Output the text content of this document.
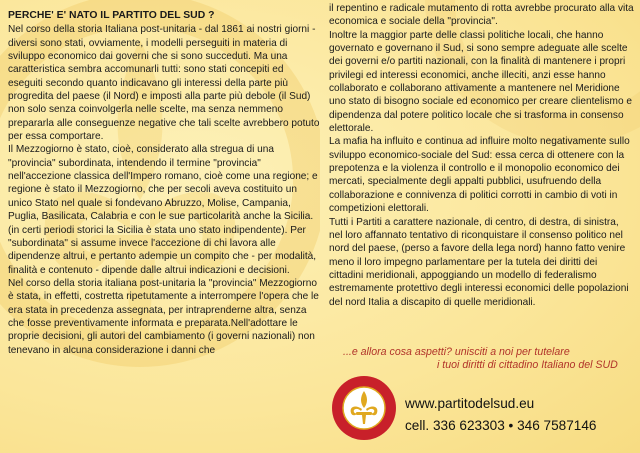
PERCHE' E' NATO IL PARTITO DEL SUD ?

Nel corso della storia Italiana post-unitaria - dal 1861 ai nostri giorni - diversi sono stati, ovviamente, i modelli perseguiti in materia di sviluppo economico dai governi che si sono succeduti. Ma una caratteristica sembra accomunarli tutti: sono stati concepiti ed eseguiti secondo quanto indicavano gli interessi della parte più progredita del paese (il Nord) e imposti alla parte più debole (il Sud) non solo senza coinvolgerla nelle scelte, ma senza nemmeno prepararla alle conseguenze negative che tali scelte avrebbero potuto per essa comportare.

Il Mezzogiorno è stato, cioè, considerato alla stregua di una "provincia" subordinata, intendendo il termine "provincia" nell'accezione classica dell'Impero romano, cioè come una regione; e regione è stato il Mezzogiorno, che per secoli aveva costituito un unico Stato nel quale si fondevano Abruzzo, Molise, Campania, Puglia, Basilicata, Calabria e con le sue particolarità anche la Sicilia. (in certi periodi storici la Sicilia è stata uno stato indipendente). Per "subordinata" si assume invece l'accezione di chi lavora alle dipendenze altrui, e pertanto adempie un compito che - per modalità, finalità e contenuto - dipende dalle altrui indicazioni e decisioni.

Nel corso della storia italiana post-unitaria la "provincia" Mezzogiorno è stata, in effetti, costretta ripetutamente a interrompere l'opera che le era stata in precedenza assegnata, per intraprenderne altra, senza che fosse preventivamente informata e preparata.Nell'adottare le proprie decisioni, gli autori del cambiamento (i governi nazionali) non tenevano in alcuna considerazione i danni che

il repentino e radicale mutamento di rotta avrebbe procurato alla vita economica e sociale della "provincia".

Inoltre la maggior parte delle classi politiche locali, che hanno governato e governano il Sud, si sono sempre adeguate alle scelte dei governi e/o partiti nazionali, con la finalità di mantenere i propri privilegi ed interessi economici, anche illeciti, anzi esse hanno collaborato e collaborano attivamente a mantenere nel Meridione uno stato di bisogno sociale ed economico per creare clientelismo e dipendenza dal potere politico locale che si trasforma in consenso elettorale.

La mafia ha influito e continua ad influire molto negativamente sullo sviluppo economico-sociale del Sud: essa cerca di ottenere con la prepotenza e la violenza il controllo e il monopolio economico dei mercati, specialmente degli appalti pubblici, usufruendo della collaborazione e connivenza di politici corrotti in cambio di voti in competizioni elettorali.

Tutti i Partiti a carattere nazionale, di centro, di destra, di sinistra, nel loro affannato tentativo di riconquistare il consenso politico nel nord del paese, (perso a favore della lega nord) hanno fatto venire meno il loro impegno parlamentare per la tutela dei diritti dei cittadini meridionali, appoggiando un modello di federalismo estremamente protettivo degli interessi economici delle popolazioni del nord Italia a discapito di quelle meridionali.

...e allora cosa aspetti? unisciti a noi per tutelare
i tuoi diritti di cittadino Italiano del SUD
www.partitodelsud.eu
cell. 336 623303 • 346 7587146
